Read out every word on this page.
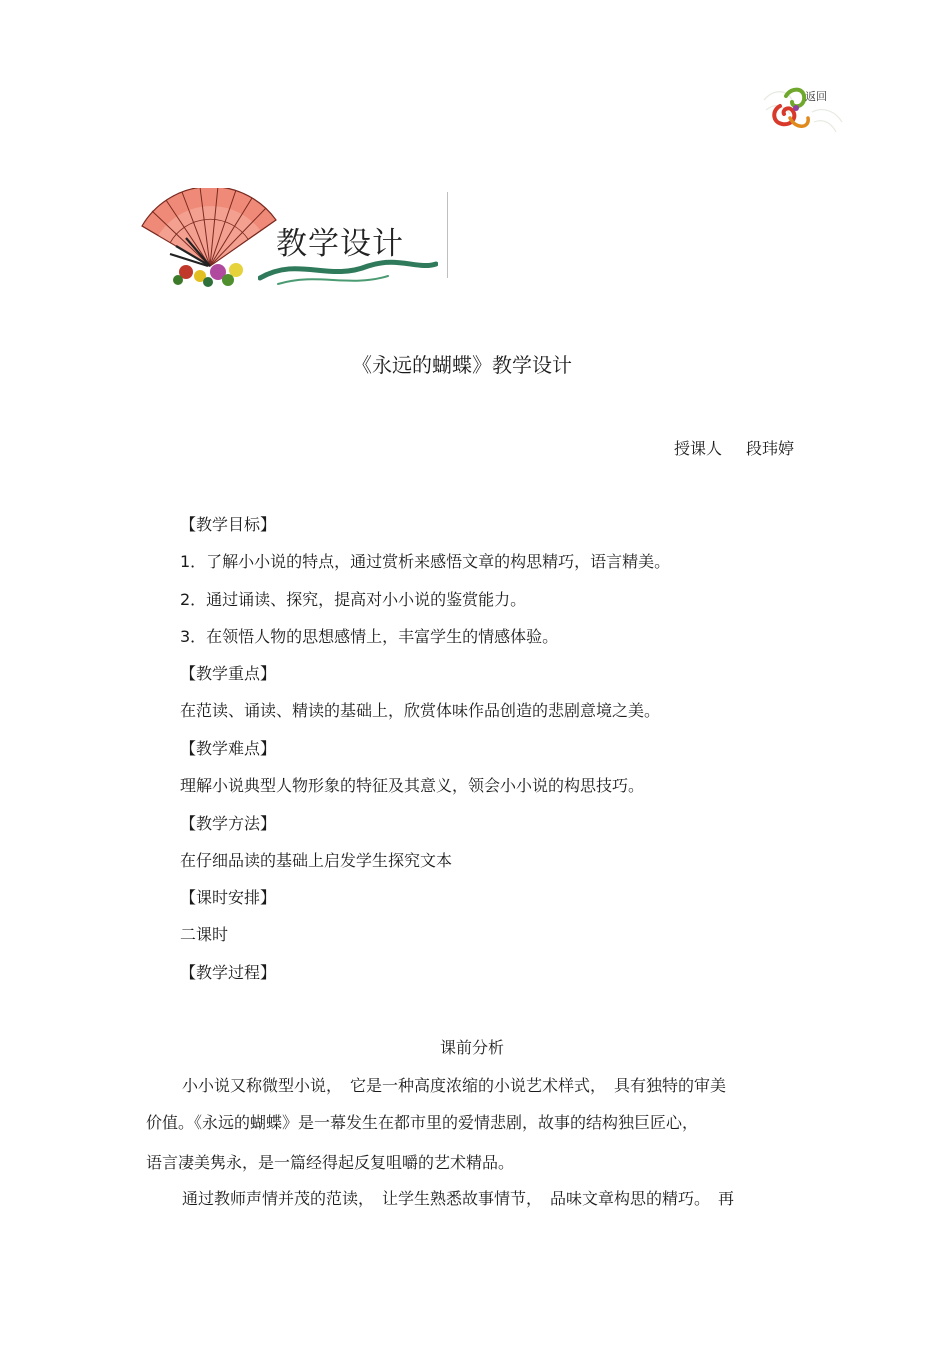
返回
教学设计
《永远的蝴蝶》教学设计
授课人 段玮婷
【教学目标】
1．了解小小说的特点，通过赏析来感悟文章的构思精巧，语言精美。
2．通过诵读、探究，提高对小小说的鉴赏能力。
3．在领悟人物的思想感情上，丰富学生的情感体验。
【教学重点】
在范读、诵读、精读的基础上，欣赏体味作品创造的悲剧意境之美。
【教学难点】
理解小说典型人物形象的特征及其意义，领会小小说的构思技巧。
【教学方法】
在仔细品读的基础上启发学生探究文本
【课时安排】
二课时
【教学过程】
课前分析
小小说又称微型小说，　它是一种高度浓缩的小说艺术样式，　具有独特的审美
价值。《永远的蝴蝶》是一幕发生在都市里的爱情悲剧，故事的结构独巨匠心，
语言凄美隽永，是一篇经得起反复咀嚼的艺术精品。
通过教师声情并茂的范读，　让学生熟悉故事情节，　品味文章构思的精巧。　再
